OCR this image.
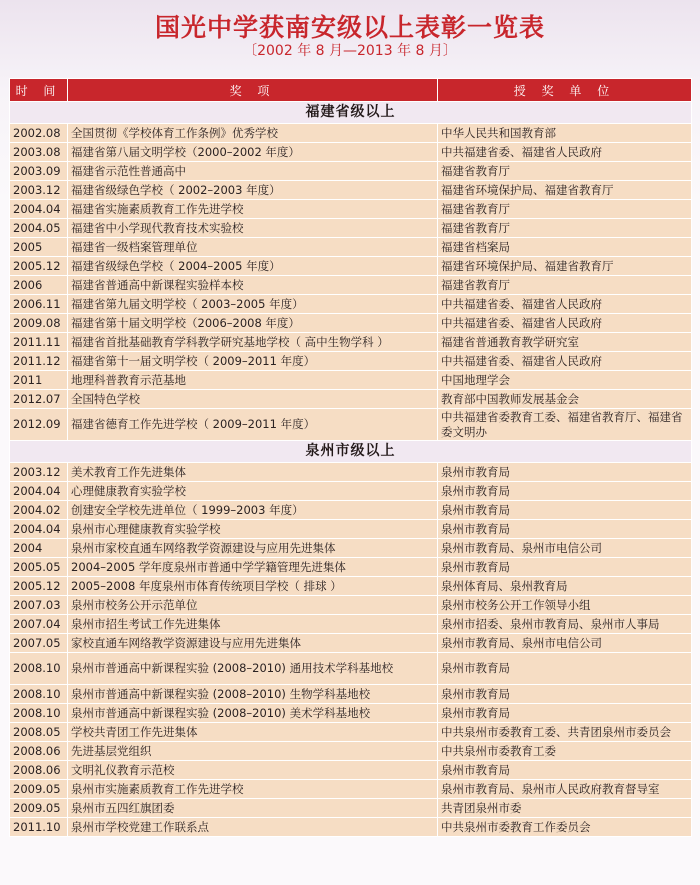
国光中学获南安级以上表彰一览表
〔2002 年 8 月—2013 年 8 月〕
时 间	奖 项	授 奖 单 位
福建省级以上		
2002.08	全国贯彻《学校体育工作条例》优秀学校	中华人民共和国教育部
2003.08	福建省第八届文明学校（2000–2002 年度）	中共福建省委、福建省人民政府
2003.09	福建省示范性普通高中	福建省教育厅
2003.12	福建省级绿色学校（ 2002–2003 年度）	福建省环境保护局、福建省教育厅
2004.04	福建省实施素质教育工作先进学校	福建省教育厅
2004.05	福建省中小学现代教育技术实验校	福建省教育厅
2005	福建省一级档案管理单位	福建省档案局
2005.12	福建省级绿色学校（ 2004–2005 年度）	福建省环境保护局、福建省教育厅
2006	福建省普通高中新课程实验样本校	福建省教育厅
2006.11	福建省第九届文明学校（ 2003–2005 年度）	中共福建省委、福建省人民政府
2009.08	福建省第十届文明学校（2006–2008 年度）	中共福建省委、福建省人民政府
2011.11	福建省首批基础教育学科教学研究基地学校（ 高中生物学科 ）	福建省普通教育教学研究室
2011.12	福建省第十一届文明学校（ 2009–2011 年度）	中共福建省委、福建省人民政府
2011	地理科普教育示范基地	中国地理学会
2012.07	全国特色学校	教育部中国教师发展基金会
2012.09	福建省德育工作先进学校（ 2009–2011 年度）	中共福建省委教育工委、福建省教育厅、福建省委文明办
泉州市级以上		
2003.12	美术教育工作先进集体	泉州市教育局
2004.04	心理健康教育实验学校	泉州市教育局
2004.02	创建安全学校先进单位（ 1999–2003 年度）	泉州市教育局
2004.04	泉州市心理健康教育实验学校	泉州市教育局
2004	泉州市家校直通车网络教学资源建设与应用先进集体	泉州市教育局、泉州市电信公司
2005.05	2004–2005 学年度泉州市普通中学学籍管理先进集体	泉州市教育局
2005.12	2005–2008 年度泉州市体育传统项目学校（ 排球 ）	泉州体育局、泉州教育局
2007.03	泉州市校务公开示范单位	泉州市校务公开工作领导小组
2007.04	泉州市招生考试工作先进集体	泉州市招委、泉州市教育局、泉州市人事局
2007.05	家校直通车网络教学资源建设与应用先进集体	泉州市教育局、泉州市电信公司
2008.10	泉州市普通高中新课程实验 (2008–2010) 通用技术学科基地校	泉州市教育局
2008.10	泉州市普通高中新课程实验 (2008–2010) 生物学科基地校	泉州市教育局
2008.10	泉州市普通高中新课程实验 (2008–2010) 美术学科基地校	泉州市教育局
2008.05	学校共青团工作先进集体	中共泉州市委教育工委、共青团泉州市委员会
2008.06	先进基层党组织	中共泉州市委教育工委
2008.06	文明礼仪教育示范校	泉州市教育局
2009.05	泉州市实施素质教育工作先进学校	泉州市教育局、泉州市人民政府教育督导室
2009.05	泉州市五四红旗团委	共青团泉州市委
2011.10	泉州市学校党建工作联系点	中共泉州市委教育工作委员会
